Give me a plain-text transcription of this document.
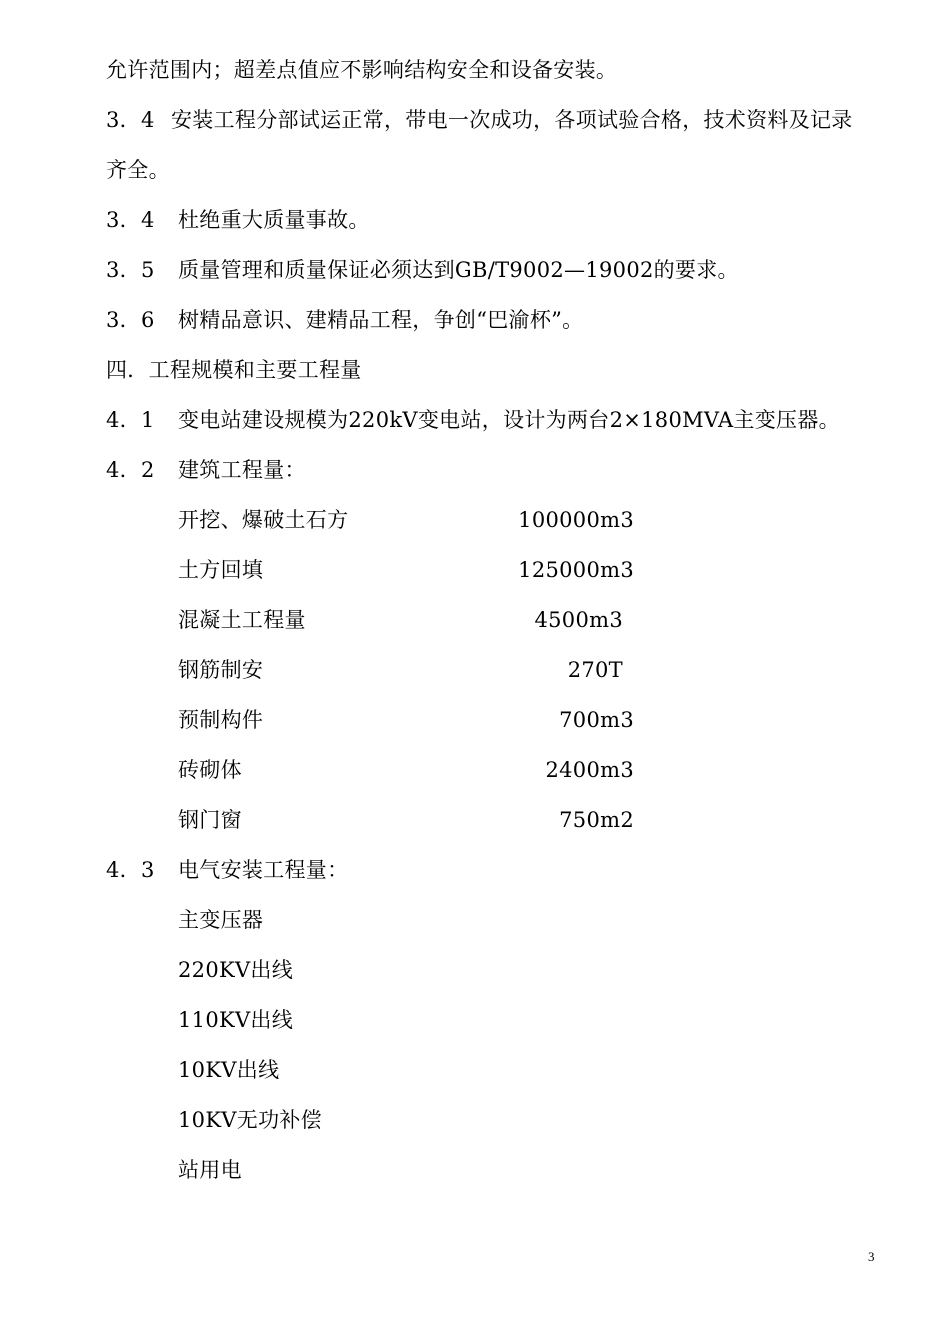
允许范围内；超差点值应不影响结构安全和设备安装。
3．4 安装工程分部试运正常，带电一次成功，各项试验合格，技术资料及记录
齐全。
3．4 杜绝重大质量事故。
3．5 质量管理和质量保证必须达到GB/T9002—19002的要求。
3．6 树精品意识、建精品工程，争创“巴渝杯”。
四．工程规模和主要工程量
4．1 变电站建设规模为220kV变电站，设计为两台2×180MVA主变压器。
4．2 建筑工程量：
开挖、爆破土石方	100000m3
土方回填	125000m3
混凝土工程量	4500m3
钢筋制安	270T
预制构件	700m3
砖砌体	2400m3
钢门窗	750m2
4．3 电气安装工程量：
主变压器
220KV出线
110KV出线
10KV出线
10KV无功补偿
站用电
3
